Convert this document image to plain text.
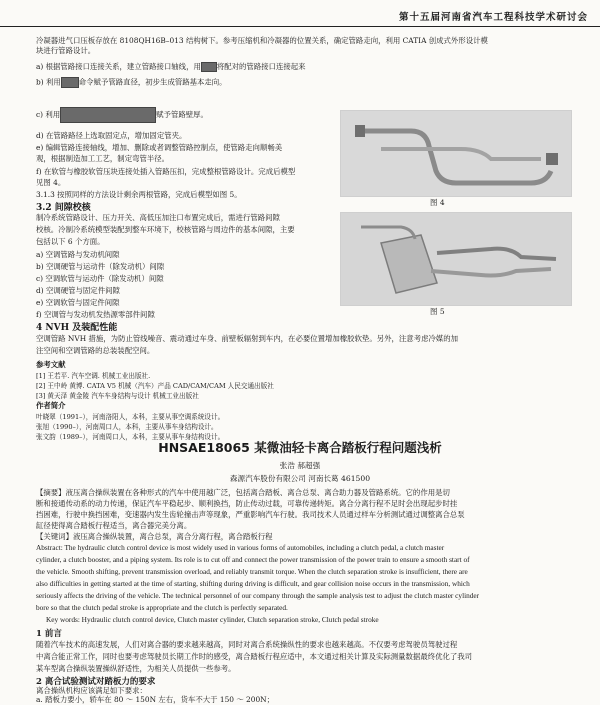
第十五届河南省汽车工程科技学术研讨会
冷凝器进气口压板存放在 8108QH16B–013 结构树下。参考压缩机和冷凝器的位置关系，确定管路走向，利用 CATIA 创成式外形设计模
块进行管路设计。
a) 根据管路接口连接关系，建立管路接口轴线，用 将配对的管路接口连接起来
b) 利用 命令赋予管路直径，初步生成管路基本走向。
c) 利用	赋予管路壁厚。
d) 在管路路径上选取固定点，增加固定管夹。
e) 编辑管路连接轴线，增加、删除或者调整管路控制点，使管路走向顺畅美
观，根据制造加工工艺，制定弯管半径。
f) 在软管与橡胶软管压块连接处插入管路压扣，完成整根管路设计。完成后模型
见图 4。
3.1.3 按照同样的方法设计剩余两根管路，完成后模型如图 5。
3.2 间隙校核
制冷系统管路设计、压力开关、高低压加注口布置完成后，需进行管路间隙
校核。冷制冷系统模型装配到整车环境下，校核管路与周边件的基本间隙，主要
包括以下 6 个方面。
a) 空调管路与发动机间隙
b) 空调硬管与运动件（除发动机）间隙
c) 空调软管与运动件（除发动机）间隙
d) 空调硬管与固定件间隙
e) 空调软管与固定件间隙
f) 空调管与发动机发热源零部件间隙
4 NVH 及装配性能
空调管路 NVH 措施，为防止管线噪音、震动通过车身、前壁板辐射到车内，在必要位置增加橡胶软垫。另外，注意考虑冷媒的加
注空间和空调管路的总装装配空间。
参考文献
[1] 王若平. 汽车空调. 机械工业出版社.
[2] 王中岭 黄博. CATA V5 机械（汽车）产品 CAD/CAM/CAM 人民交通出版社
[3] 黄天泽 黄金陵 汽车车身结构与设计 机械工业出版社
作者简介
叶晓翠（1991–），河南洛阳人，本科，主要从事空调系统设计。
张旭（1990–），河南周口人，本科，主要从事车身结构设计。
张文韵（1989–），河南周口人，本科，主要从事车身结构设计。
图 4
图 5
HNSAE18065 某微油轻卡离合踏板行程问题浅析
张浩 郝超强
森源汽车股份有限公司 河南长葛 461500
【摘要】液压离合操纵装置在各种形式的汽车中使用越广泛，包括离合踏板、离合总泵、离合助力器及管路系统。它的作用是切
断和接通传动系的动力传递，保证汽车平稳起步、顺利换挡，防止传动过载，可靠传递转矩。离合分离行程不足时会出现起步时挂
挡困难，行驶中换挡困难，变速器内发生齿轮撞击声等现象，严重影响汽车行驶。我司技术人员通过样车分析测试通过调整离合总泵
缸径使得离合踏板行程适当，离合器完美分离。
【关键词】液压离合操纵装置，离合总泵，离合分离行程，离合踏板行程
Abstract: The hydraulic clutch control device is most widely used in various forms of automobiles, including a clutch pedal, a clutch master
cylinder, a clutch booster, and a piping system. Its role is to cut off and connect the power transmission of the power train to ensure a smooth start of
the vehicle. Smooth shifting, prevent transmission overload, and reliably transmit torque. When the clutch separation stroke is insufficient, there are
also difficulties in getting started at the time of starting, shifting during driving is difficult, and gear collision noise occurs in the transmission, which
seriously affects the driving of the vehicle. The technical personnel of our company through the sample analysis test to adjust the clutch master cylinder
bore so that the clutch pedal stroke is appropriate and the clutch is perfectly separated.
Key words: Hydraulic clutch control device, Clutch master cylinder, Clutch separation stroke, Clutch pedal stroke
1 前言
随着汽车技术的高速发展，人们对离合器的要求越来越高，同时对离合系统操纵性的要求也越来越高。不仅要考虑驾驶员驾驶过程
中离合能正常工作，同时也要考虑驾驶员长期工作时的感受，离合踏板行程应适中，本文通过相关计算及实际测量数据最终优化了我司
某车型离合操纵装置操纵舒适性，为相关人员提供一些参考。
2 离合试验测试对踏板力的要求
离合操纵机构应该满足如下要求：
a. 踏板力要小，轿车在 80 ～ 150N 左右，货车不大于 150 ～ 200N；
